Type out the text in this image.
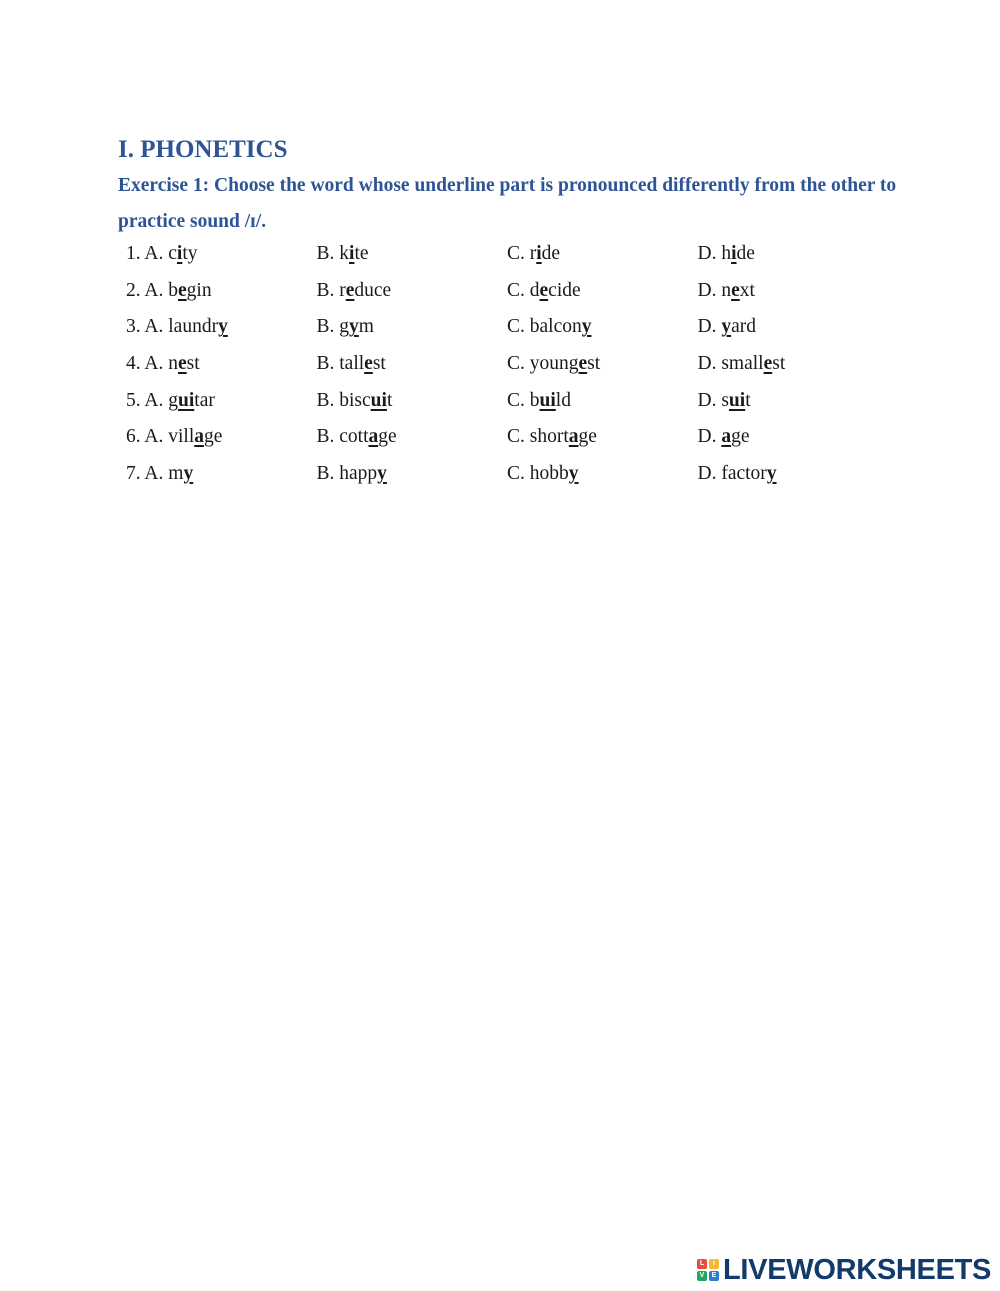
I. PHONETICS

Exercise 1: Choose the word whose underline part is pronounced differently from the other to practice sound /ɪ/.

1. A. city	B. kite	C. ride	D. hide
2. A. begin	B. reduce	C. decide	D. next
3. A. laundry	B. gym	C. balcony	D. yard
4. A. nest	B. tallest	C. youngest	D. smallest
5. A. guitar	B. biscuit	C. build	D. suit
6. A. village	B. cottage	C. shortage	D. age
7. A. my	B. happy	C. hobby	D. factory
L	i
V	E LIVEWORKSHEETS
